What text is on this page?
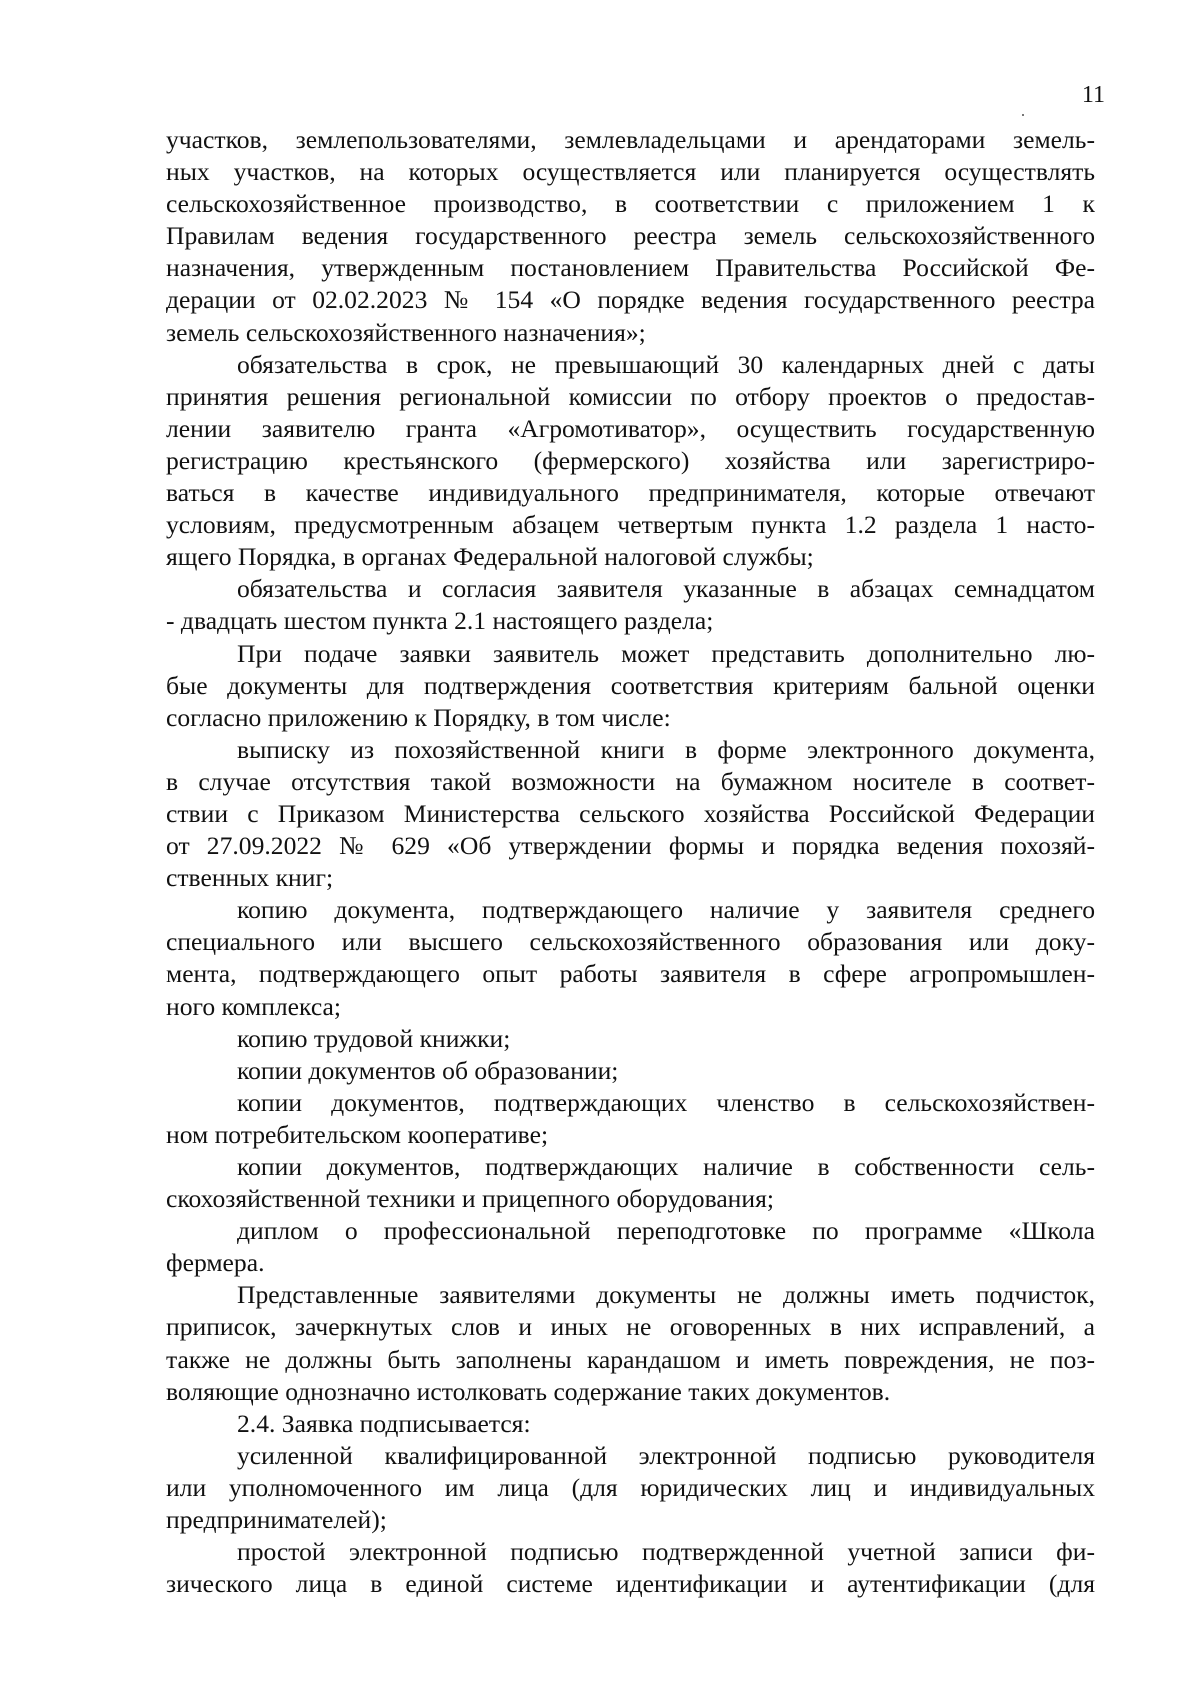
11
участков, землепользователями, землевладельцами и арендаторами земель-
ных участков, на которых осуществляется или планируется осуществлять
сельскохозяйственное производство, в соответствии с приложением 1 к
Правилам ведения государственного реестра земель сельскохозяйственного
назначения, утвержденным постановлением Правительства Российской Фе-
дерации от 02.02.2023 № 154 «О порядке ведения государственного реестра
земель сельскохозяйственного назначения»;
обязательства в срок, не превышающий 30 календарных дней с даты
принятия решения региональной комиссии по отбору проектов о предостав-
лении заявителю гранта «Агромотиватор», осуществить государственную
регистрацию крестьянского (фермерского) хозяйства или зарегистриро-
ваться в качестве индивидуального предпринимателя, которые отвечают
условиям, предусмотренным абзацем четвертым пункта 1.2 раздела 1 насто-
ящего Порядка, в органах Федеральной налоговой службы;
обязательства и согласия заявителя указанные в абзацах семнадцатом
- двадцать шестом пункта 2.1 настоящего раздела;
При подаче заявки заявитель может представить дополнительно лю-
бые документы для подтверждения соответствия критериям бальной оценки
согласно приложению к Порядку, в том числе:
выписку из похозяйственной книги в форме электронного документа,
в случае отсутствия такой возможности на бумажном носителе в соответ-
ствии с Приказом Министерства сельского хозяйства Российской Федерации
от 27.09.2022 № 629 «Об утверждении формы и порядка ведения похозяй-
ственных книг;
копию документа, подтверждающего наличие у заявителя среднего
специального или высшего сельскохозяйственного образования или доку-
мента, подтверждающего опыт работы заявителя в сфере агропромышлен-
ного комплекса;
копию трудовой книжки;
копии документов об образовании;
копии документов, подтверждающих членство в сельскохозяйствен-
ном потребительском кооперативе;
копии документов, подтверждающих наличие в собственности сель-
скохозяйственной техники и прицепного оборудования;
диплом о профессиональной переподготовке по программе «Школа
фермера.
Представленные заявителями документы не должны иметь подчисток,
приписок, зачеркнутых слов и иных не оговоренных в них исправлений, а
также не должны быть заполнены карандашом и иметь повреждения, не поз-
воляющие однозначно истолковать содержание таких документов.
2.4. Заявка подписывается:
усиленной квалифицированной электронной подписью руководителя
или уполномоченного им лица (для юридических лиц и индивидуальных
предпринимателей);
простой электронной подписью подтвержденной учетной записи фи-
зического лица в единой системе идентификации и аутентификации (для
